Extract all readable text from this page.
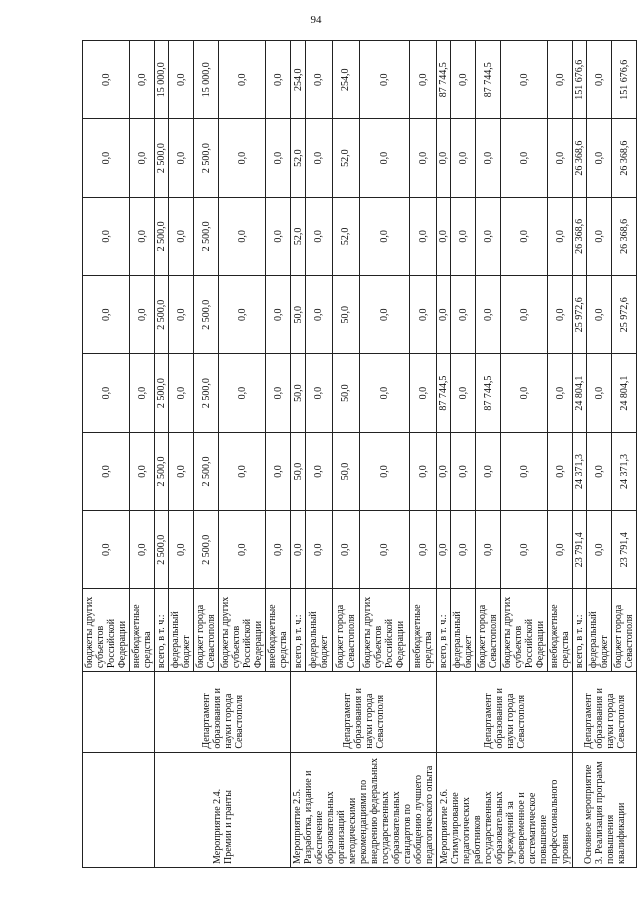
94
		бюджеты других субъектов Российской Федерации	0,0	0,0	0,0	0,0	0,0	0,0	0,0
		внебюджетные средства	0,0	0,0	0,0	0,0	0,0	0,0	0,0
Мероприятие 2.4. Премии и гранты	Департамент образования и науки города Севастополя	всего, в т. ч.:	2 500,0	2 500,0	2 500,0	2 500,0	2 500,0	2 500,0	15 000,0
		федеральный бюджет	0,0	0,0	0,0	0,0	0,0	0,0	0,0
		бюджет города Севастополя	2 500,0	2 500,0	2 500,0	2 500,0	2 500,0	2 500,0	15 000,0
		бюджеты других субъектов Российской Федерации	0,0	0,0	0,0	0,0	0,0	0,0	0,0
		внебюджетные средства	0,0	0,0	0,0	0,0	0,0	0,0	0,0
Мероприятие 2.5. Разработка, издание и обеспечение образовательных организаций методическими рекомендациями по внедрению федеральных государственных образовательных стандартов по обобщению лучшего педагогического опыта	Департамент образования и науки города Севастополя	всего, в т. ч.:	0,0	50,0	50,0	50,0	52,0	52,0	254,0
		федеральный бюджет	0,0	0,0	0,0	0,0	0,0	0,0	0,0
		бюджет города Севастополя	0,0	50,0	50,0	50,0	52,0	52,0	254,0
		бюджеты других субъектов Российской Федерации	0,0	0,0	0,0	0,0	0,0	0,0	0,0
		внебюджетные средства	0,0	0,0	0,0	0,0	0,0	0,0	0,0
Мероприятие 2.6. Стимулирование педагогических работников государственных образовательных учреждений за своевременное и систематическое повышение профессионального уровня	Департамент образования и науки города Севастополя	всего, в т. ч.:	0,0	0,0	87 744,5	0,0	0,0	0,0	87 744,5
		федеральный бюджет	0,0	0,0	0,0	0,0	0,0	0,0	0,0
		бюджет города Севастополя	0,0	0,0	87 744,5	0,0	0,0	0,0	87 744,5
		бюджеты других субъектов Российской Федерации	0,0	0,0	0,0	0,0	0,0	0,0	0,0
		внебюджетные средства	0,0	0,0	0,0	0,0	0,0	0,0	0,0
Основное мероприятие 3. Реализация программ повышения квалификации	Департамент образования и науки города Севастополя	всего, в т. ч.:	23 791,4	24 371,3	24 804,1	25 972,6	26 368,6	26 368,6	151 676,6
		федеральный бюджет	0,0	0,0	0,0	0,0	0,0	0,0	0,0
		бюджет города Севастополя	23 791,4	24 371,3	24 804,1	25 972,6	26 368,6	26 368,6	151 676,6
